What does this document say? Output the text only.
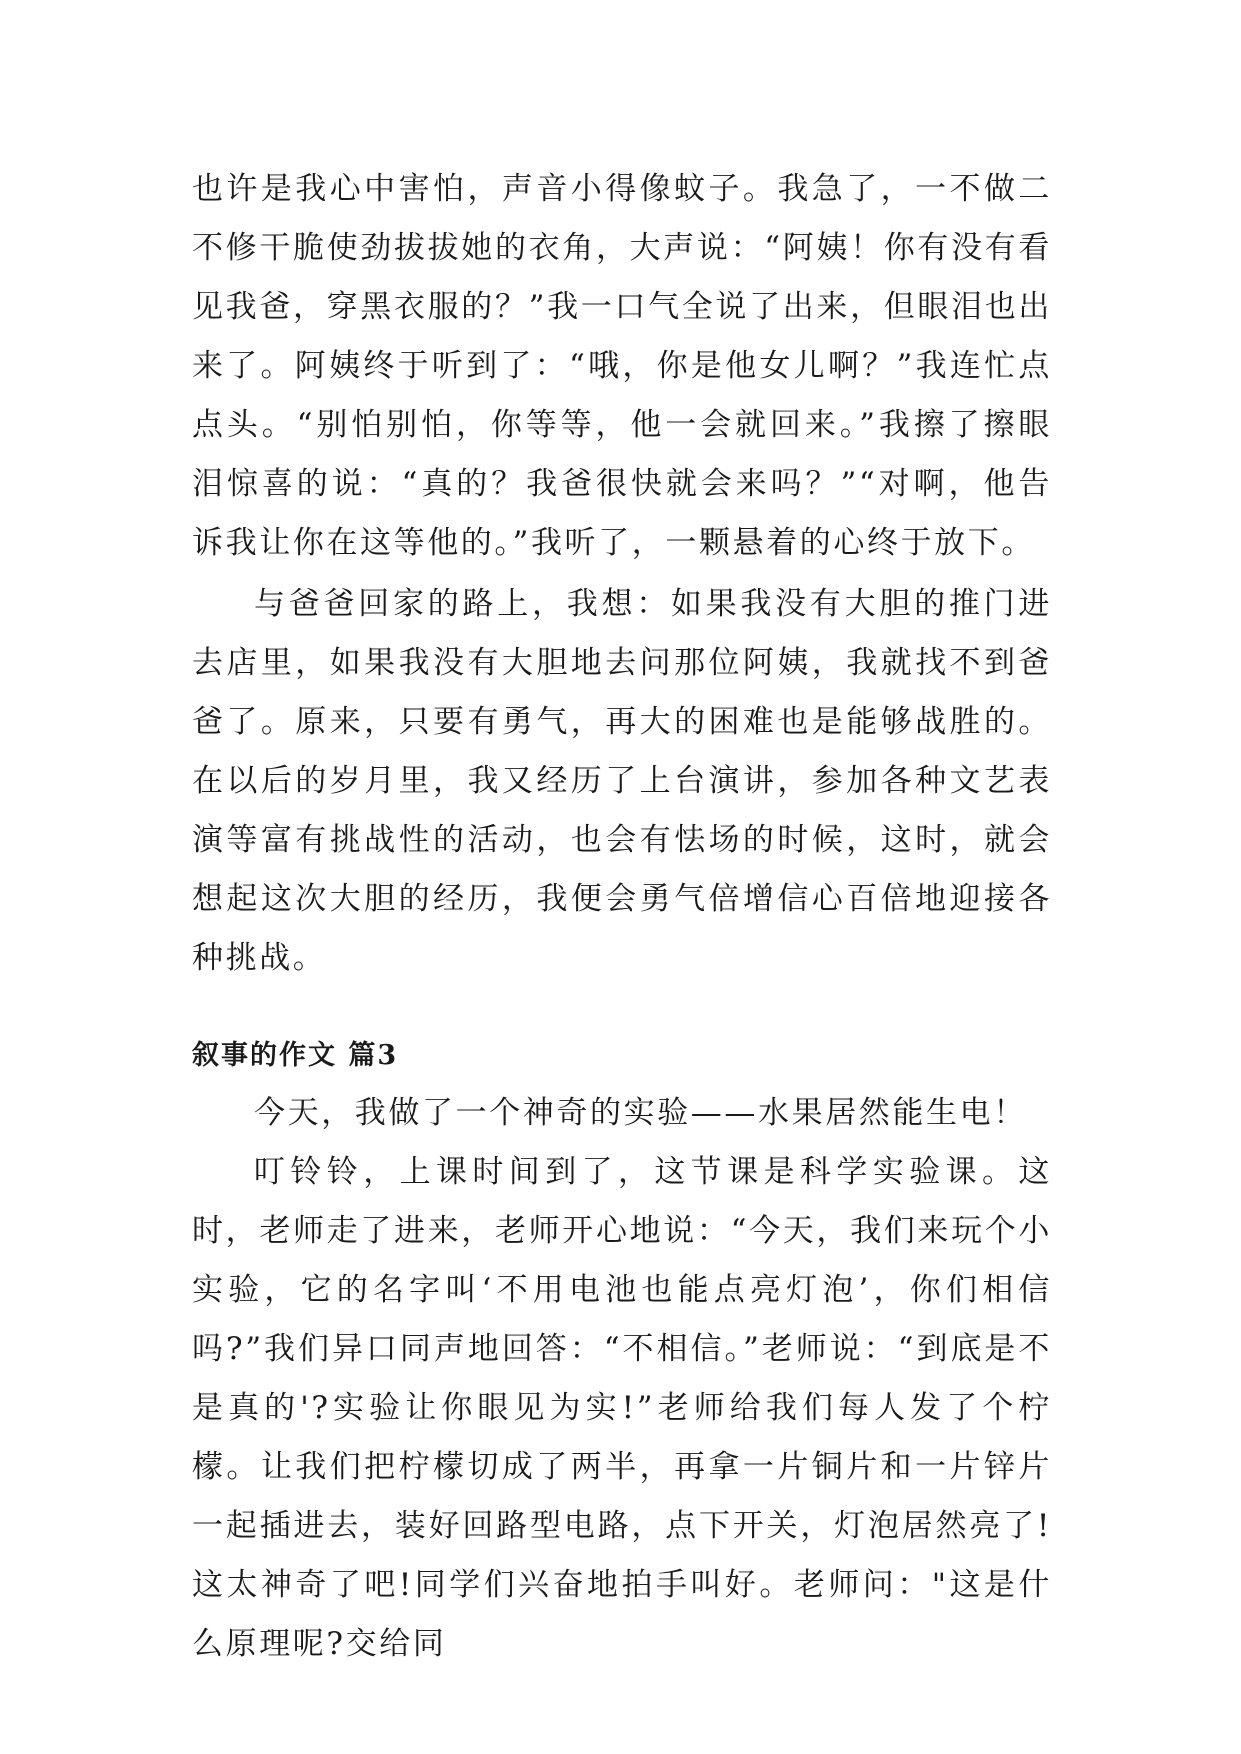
也许是我心中害怕，声音小得像蚊子。我急了，一不做二不修干脆使劲拔拔她的衣角，大声说：“阿姨！你有没有看见我爸，穿黑衣服的？”我一口气全说了出来，但眼泪也出来了。阿姨终于听到了：“哦，你是他女儿啊？”我连忙点点头。“别怕别怕，你等等，他一会就回来。”我擦了擦眼泪惊喜的说：“真的？我爸很快就会来吗？”“对啊，他告诉我让你在这等他的。”我听了，一颗悬着的心终于放下。

与爸爸回家的路上，我想：如果我没有大胆的推门进去店里，如果我没有大胆地去问那位阿姨，我就找不到爸爸了。原来，只要有勇气，再大的困难也是能够战胜的。在以后的岁月里，我又经历了上台演讲，参加各种文艺表演等富有挑战性的活动，也会有怯场的时候，这时，就会想起这次大胆的经历，我便会勇气倍增信心百倍地迎接各种挑战。

叙事的作文 篇3

今天，我做了一个神奇的实验——水果居然能生电！

叮铃铃，上课时间到了，这节课是科学实验课。这时，老师走了进来，老师开心地说：“今天，我们来玩个小实验，它的名字叫‘不用电池也能点亮灯泡’，你们相信吗?”我们异口同声地回答：“不相信。”老师说：“到底是不是真的'?实验让你眼见为实!”老师给我们每人发了个柠檬。让我们把柠檬切成了两半，再拿一片铜片和一片锌片一起插进去，装好回路型电路，点下开关，灯泡居然亮了!这太神奇了吧!同学们兴奋地拍手叫好。老师问："这是什么原理呢?交给同
